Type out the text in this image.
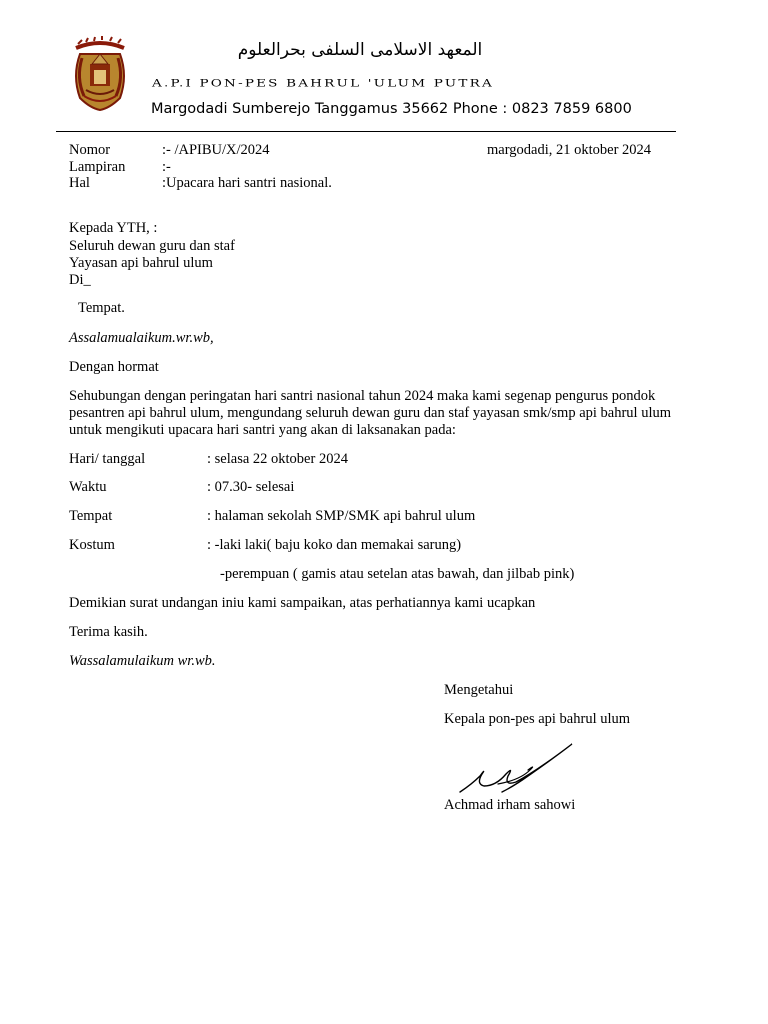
المعهد الاسلامى السلفى بحرالعلوم
A.P.I PON-PES BAHRUL 'ULUM PUTRA
Margodadi Sumberejo Tanggamus 35662 Phone : 0823 7859 6800
Nomor	:- /APIBU/X/2024	margodadi, 21 oktober 2024
Lampiran	:-
Hal	:Upacara hari santri nasional.
Kepada YTH, :
Seluruh dewan guru dan staf
Yayasan api bahrul ulum
Di_
Tempat.
Assalamualaikum.wr.wb,
Dengan hormat
Sehubungan dengan peringatan hari santri nasional tahun 2024 maka kami segenap pengurus pondok pesantren api bahrul ulum, mengundang seluruh dewan guru dan staf yayasan smk/smp api bahrul ulum untuk mengikuti upacara hari santri yang akan di laksanakan pada:
Hari/ tanggal	: selasa 22 oktober 2024
Waktu	: 07.30- selesai
Tempat	: halaman sekolah SMP/SMK api bahrul ulum
Kostum	: -laki laki( baju koko dan memakai sarung)
-perempuan ( gamis atau setelan atas bawah, dan jilbab pink)
Demikian surat undangan iniu kami sampaikan, atas perhatiannya kami ucapkan
Terima kasih.
Wassalamulaikum wr.wb.
Mengetahui
Kepala pon-pes api bahrul ulum
Achmad irham sahowi
